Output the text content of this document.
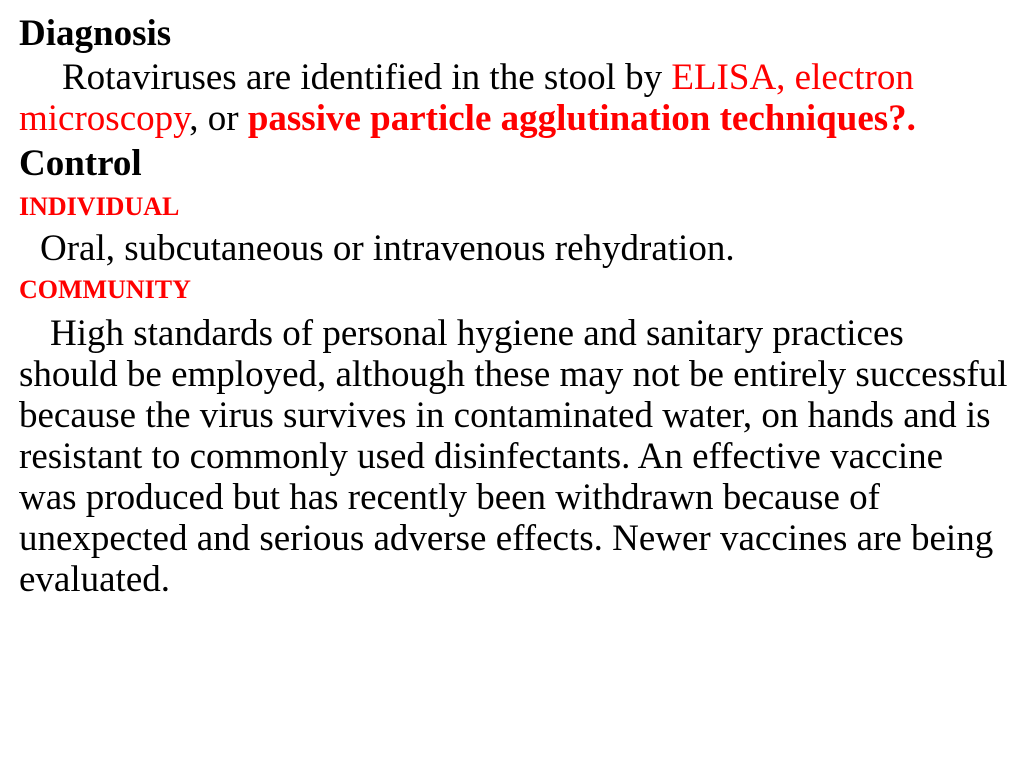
Diagnosis

Rotaviruses are identified in the stool by ELISA, electron microscopy, or passive particle agglutination techniques?.

Control

INDIVIDUAL

Oral, subcutaneous or intravenous rehydration.

COMMUNITY

High standards of personal hygiene and sanitary practices should be employed, although these may not be entirely successful because the virus survives in contaminated water, on hands and is resistant to commonly used disinfectants. An effective vaccine was produced but has recently been withdrawn because of unexpected and serious adverse effects. Newer vaccines are being evaluated.
